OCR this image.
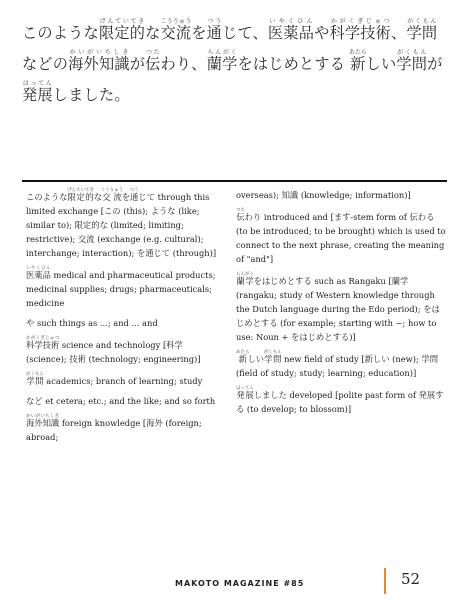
このような限定的げんていてきな交流こうりゅうを通つうじて、医薬品いやくひんや科学技術かがくぎじゅつ、学問がくもんなどの海外知識かいがいちしきが伝つたわり、蘭学らんがくをはじめとする 新あたらしい学問がくもんが発展はってんしました。

このような限定的げんていてきな交流こうりゅうを通つうじて through this limited exchange [この (this); ような (like; similar to); 限定的な (limited; limiting; restrictive); 交流 (exchange (e.g. cultural); interchange; interaction); を通じて (through)]
医薬品いやくひん medical and pharmaceutical products; medicinal supplies; drugs; pharmaceuticals; medicine
や such things as ...; and ... and
科学技術かがくぎじゅつ science and technology [科学 (science); 技術 (technology; engineering)]
学問がくもん academics; branch of learning; study
など et cetera; etc.; and the like; and so forth
海外知識かいがいちしき foreign knowledge [海外 (foreign; abroad;
overseas); 知識 (knowledge; information)]
伝つたわり introduced and [ます-stem form of 伝わる (to be introduced; to be brought) which is used to connect to the next phrase, creating the meaning of "and"]
蘭学らんがくをはじめとする such as Rangaku [蘭学 (rangaku; study of Western knowledge through the Dutch language during the Edo period); をはじめとする (for example; starting with ~; how to use: Noun + をはじめとする)]
新あたらしい学問がくもん new field of study [新しい (new); 学問 (field of study; study; learning; education)]
発展はってんしました developed [polite past form of 発展する (to develop; to blossom)]
MAKOTO MAGAZINE #85	52
